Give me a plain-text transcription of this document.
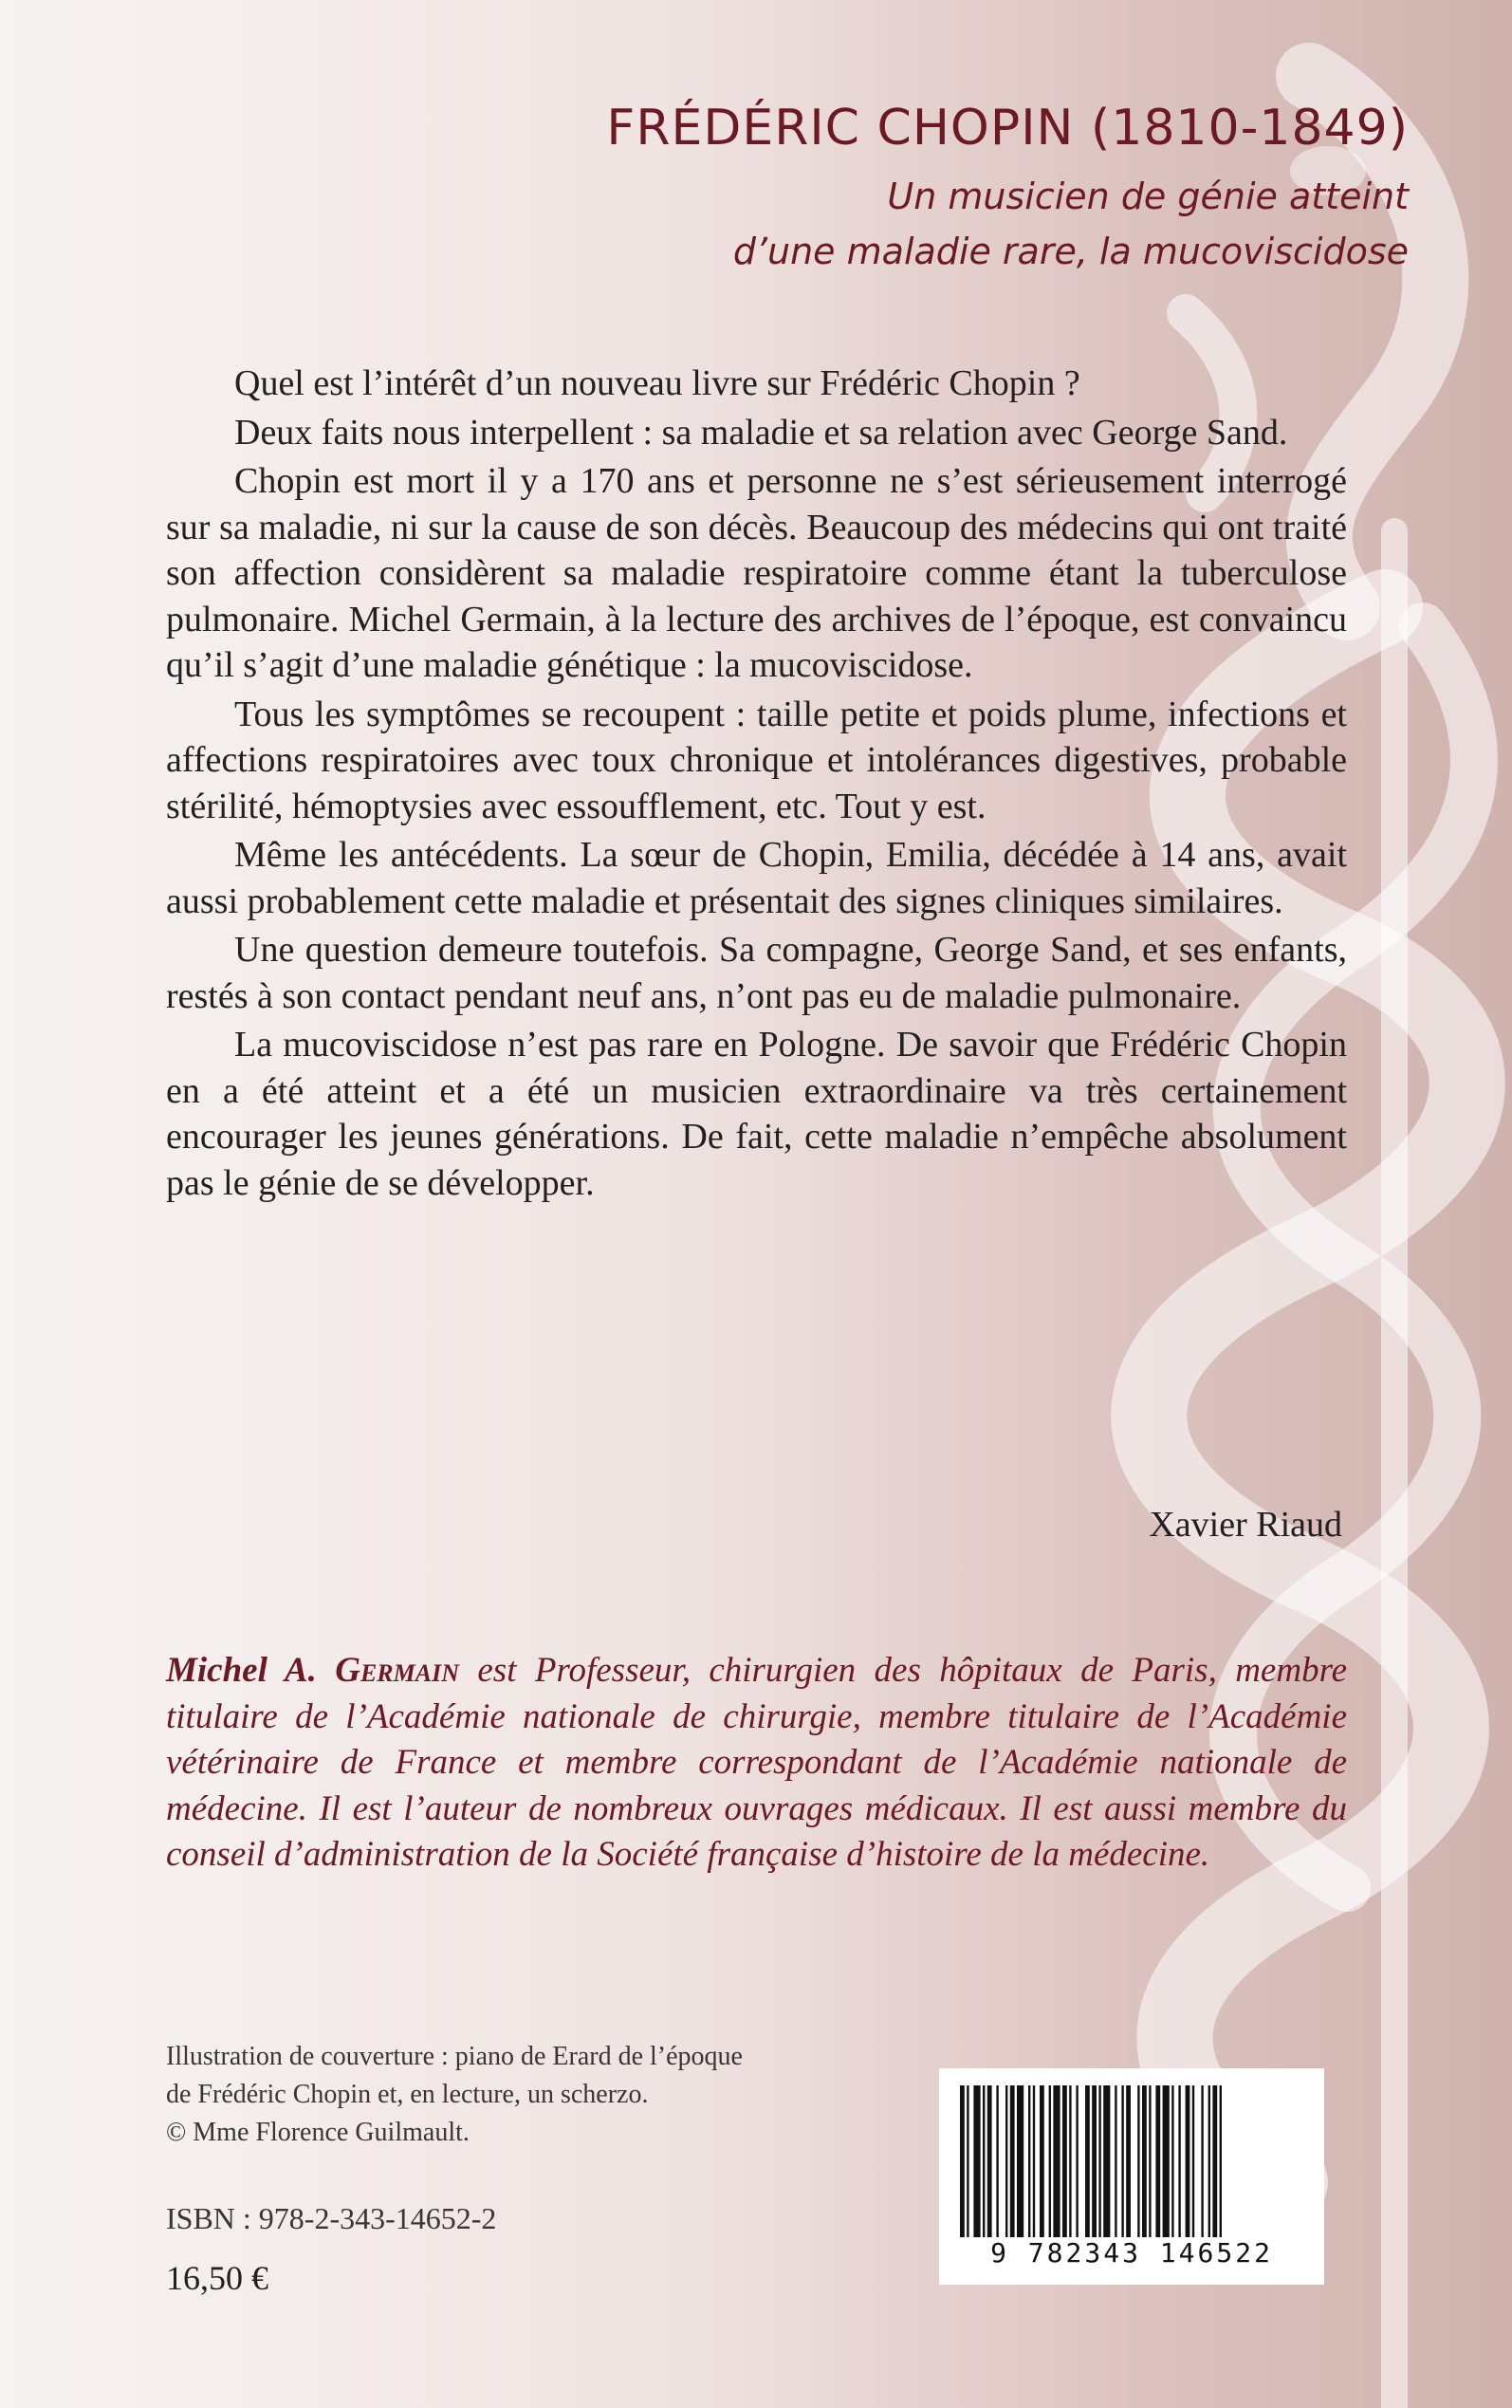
FRÉDÉRIC CHOPIN (1810-1849)
Un musicien de génie atteint
d’une maladie rare, la mucoviscidose

Quel est l’intérêt d’un nouveau livre sur Frédéric Chopin ?

Deux faits nous interpellent : sa maladie et sa relation avec George Sand.

Chopin est mort il y a 170 ans et personne ne s’est sérieusement interrogé sur sa maladie, ni sur la cause de son décès. Beaucoup des médecins qui ont traité son affection considèrent sa maladie respiratoire comme étant la tuberculose pulmonaire. Michel Germain, à la lecture des archives de l’époque, est convaincu qu’il s’agit d’une maladie génétique : la mucoviscidose.

Tous les symptômes se recoupent : taille petite et poids plume, infections et affections respiratoires avec toux chronique et intolérances digestives, probable stérilité, hémoptysies avec essoufflement, etc. Tout y est.

Même les antécédents. La sœur de Chopin, Emilia, décédée à 14 ans, avait aussi probablement cette maladie et présentait des signes cliniques similaires.

Une question demeure toutefois. Sa compagne, George Sand, et ses enfants, restés à son contact pendant neuf ans, n’ont pas eu de maladie pulmonaire.

La mucoviscidose n’est pas rare en Pologne. De savoir que Frédéric Chopin en a été atteint et a été un musicien extraordinaire va très certainement encourager les jeunes générations. De fait, cette maladie n’empêche absolument pas le génie de se développer.

Xavier Riaud
Michel A. Germain est Professeur, chirurgien des hôpitaux de Paris, membre titulaire de l’Académie nationale de chirurgie, membre titulaire de l’Académie vétérinaire de France et membre correspondant de l’Académie nationale de médecine. Il est l’auteur de nombreux ouvrages médicaux. Il est aussi membre du conseil d’administration de la Société française d’histoire de la médecine.
Illustration de couverture : piano de Erard de l’époque
de Frédéric Chopin et, en lecture, un scherzo.
© Mme Florence Guilmault.
ISBN : 978-2-343-14652-2
16,50 €
9 782343 146522
